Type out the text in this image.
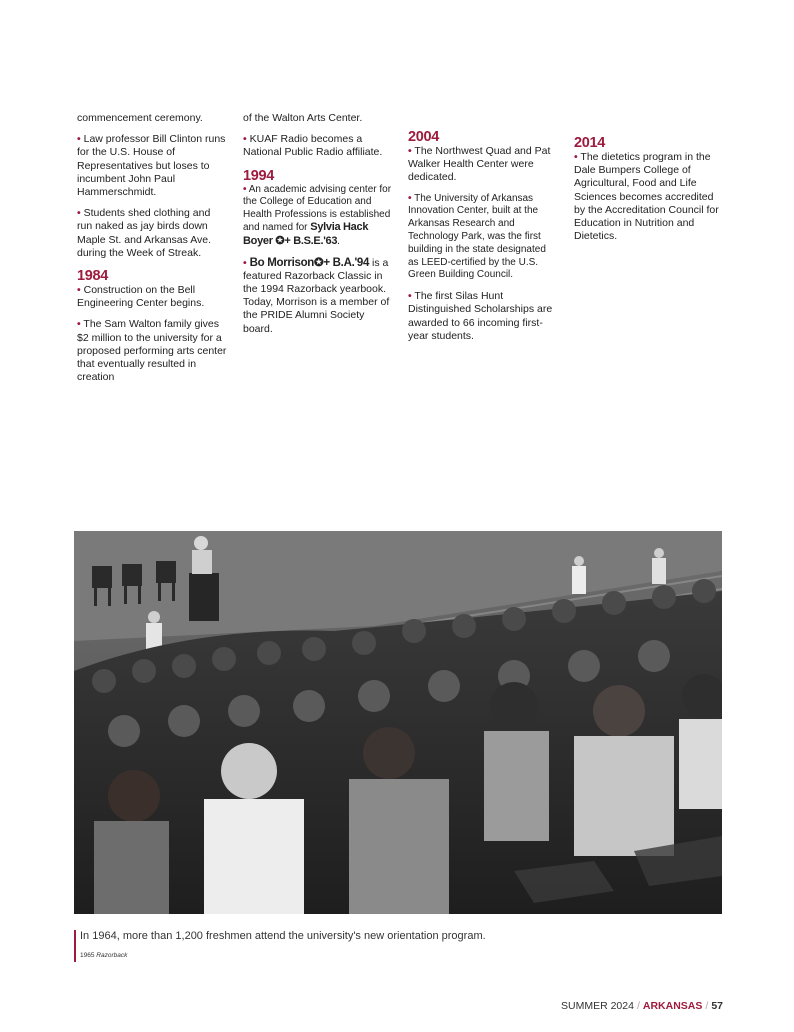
commencement ceremony.

• Law professor Bill Clinton runs for the U.S. House of Representatives but loses to incumbent John Paul Hammerschmidt.

• Students shed clothing and run naked as jay birds down Maple St. and Arkansas Ave. during the Week of Streak.

1984

• Construction on the Bell Engineering Center begins.

• The Sam Walton family gives $2 million to the university for a proposed performing arts center that eventually resulted in creation

of the Walton Arts Center.

• KUAF Radio becomes a National Public Radio affiliate.

1994

• An academic advising center for the College of Education and Health Professions is established and named for Sylvia Hack Boyer ✪+ B.S.E.'63.

• Bo Morrison✪+ B.A.'94 is a featured Razorback Classic in the 1994 Razorback yearbook. Today, Morrison is a member of the PRIDE Alumni Society board.

2004

• The Northwest Quad and Pat Walker Health Center were dedicated.

• The University of Arkansas Innovation Center, built at the Arkansas Research and Technology Park, was the first building in the state designated as LEED-certified by the U.S. Green Building Council.

• The first Silas Hunt Distinguished Scholarships are awarded to 66 incoming first-year students.

2014

• The dietetics program in the Dale Bumpers College of Agricultural, Food and Life Sciences becomes accredited by the Accreditation Council for Education in Nutrition and Dietetics.

In 1964, more than 1,200 freshmen attend the university's new orientation program.
1965 Razorback
SUMMER 2024 / ARKANSAS / 57
